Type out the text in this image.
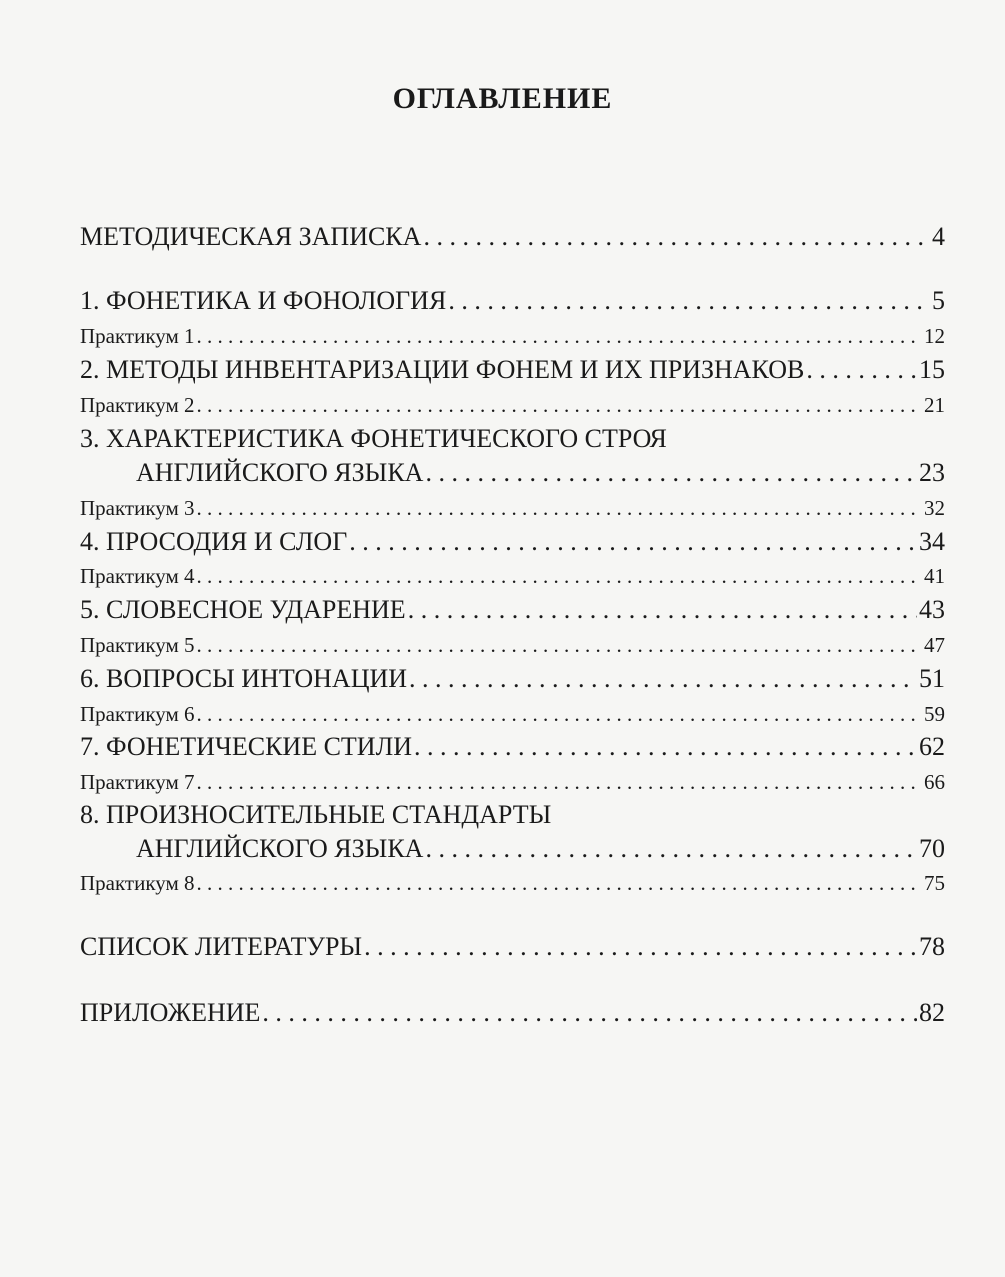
ОГЛАВЛЕНИЕ
МЕТОДИЧЕСКАЯ ЗАПИСКА . . .	4
1. ФОНЕТИКА И ФОНОЛОГИЯ . . .	5
Практикум 1 . . .	12
2. МЕТОДЫ ИНВЕНТАРИЗАЦИИ ФОНЕМ И ИХ ПРИЗНАКОВ . . .	15
Практикум 2 . . .	21
3. ХАРАКТЕРИСТИКА ФОНЕТИЧЕСКОГО СТРОЯ
АНГЛИЙСКОГО ЯЗЫКА . . .	23
Практикум 3 . . .	32
4. ПРОСОДИЯ И СЛОГ . . .	34
Практикум 4 . . .	41
5. СЛОВЕСНОЕ УДАРЕНИЕ . . .	43
Практикум 5 . . .	47
6. ВОПРОСЫ ИНТОНАЦИИ . . .	51
Практикум 6 . . .	59
7. ФОНЕТИЧЕСКИЕ СТИЛИ . . .	62
Практикум 7 . . .	66
8. ПРОИЗНОСИТЕЛЬНЫЕ СТАНДАРТЫ
АНГЛИЙСКОГО ЯЗЫКА . . .	70
Практикум 8 . . .	75
СПИСОК ЛИТЕРАТУРЫ . . .	78
ПРИЛОЖЕНИЕ . . .	82
